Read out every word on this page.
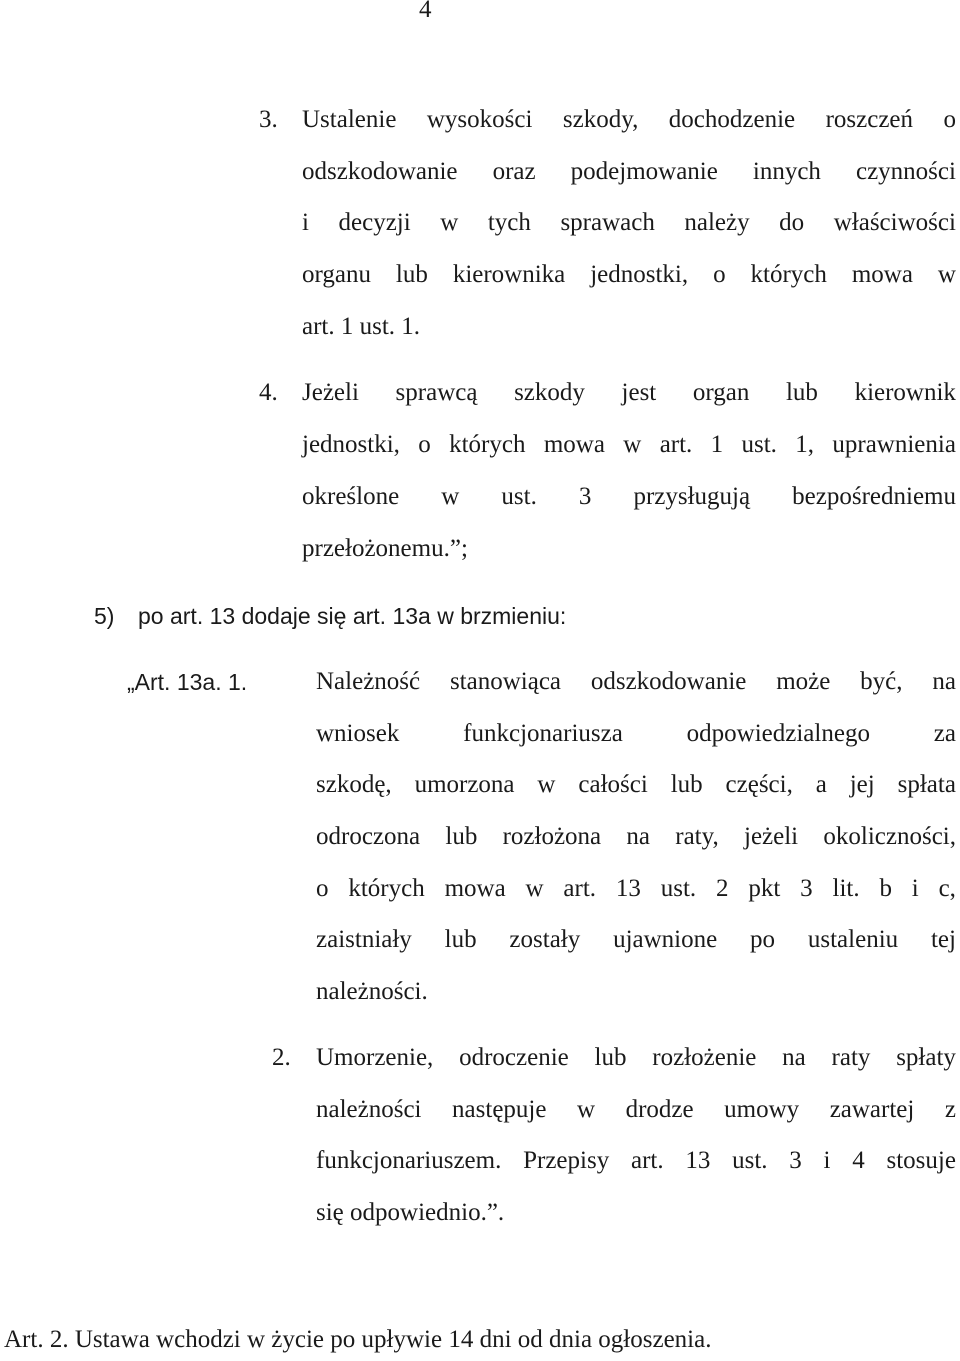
4
3. Ustalenie wysokości szkody, dochodzenie roszczeń o
odszkodowanie oraz podejmowanie innych czynności
i decyzji w tych sprawach należy do właściwości
organu lub kierownika jednostki, o których mowa w
art. 1 ust. 1.
4. Jeżeli sprawcą szkody jest organ lub kierownik
jednostki, o których mowa w art. 1 ust. 1, uprawnienia
określone w ust. 3 przysługują bezpośredniemu
przełożonemu.”;
5) po art. 13 dodaje się art. 13a w brzmieniu:
„Art. 13a. 1.	Należność stanowiąca odszkodowanie może być, na
wniosek	funkcjonariusza	odpowiedzialnego	za
szkodę, umorzona w całości lub części, a jej spłata
odroczona lub rozłożona na raty, jeżeli okoliczności,
o których mowa w art. 13 ust. 2 pkt 3 lit. b i c,
zaistniały lub zostały ujawnione po ustaleniu tej
należności.
2. Umorzenie, odroczenie lub rozłożenie na raty spłaty
należności następuje w drodze umowy zawartej z
funkcjonariuszem. Przepisy art. 13 ust. 3 i 4 stosuje
się odpowiednio.”.
Art. 2. Ustawa wchodzi w życie po upływie 14 dni od dnia ogłoszenia.
